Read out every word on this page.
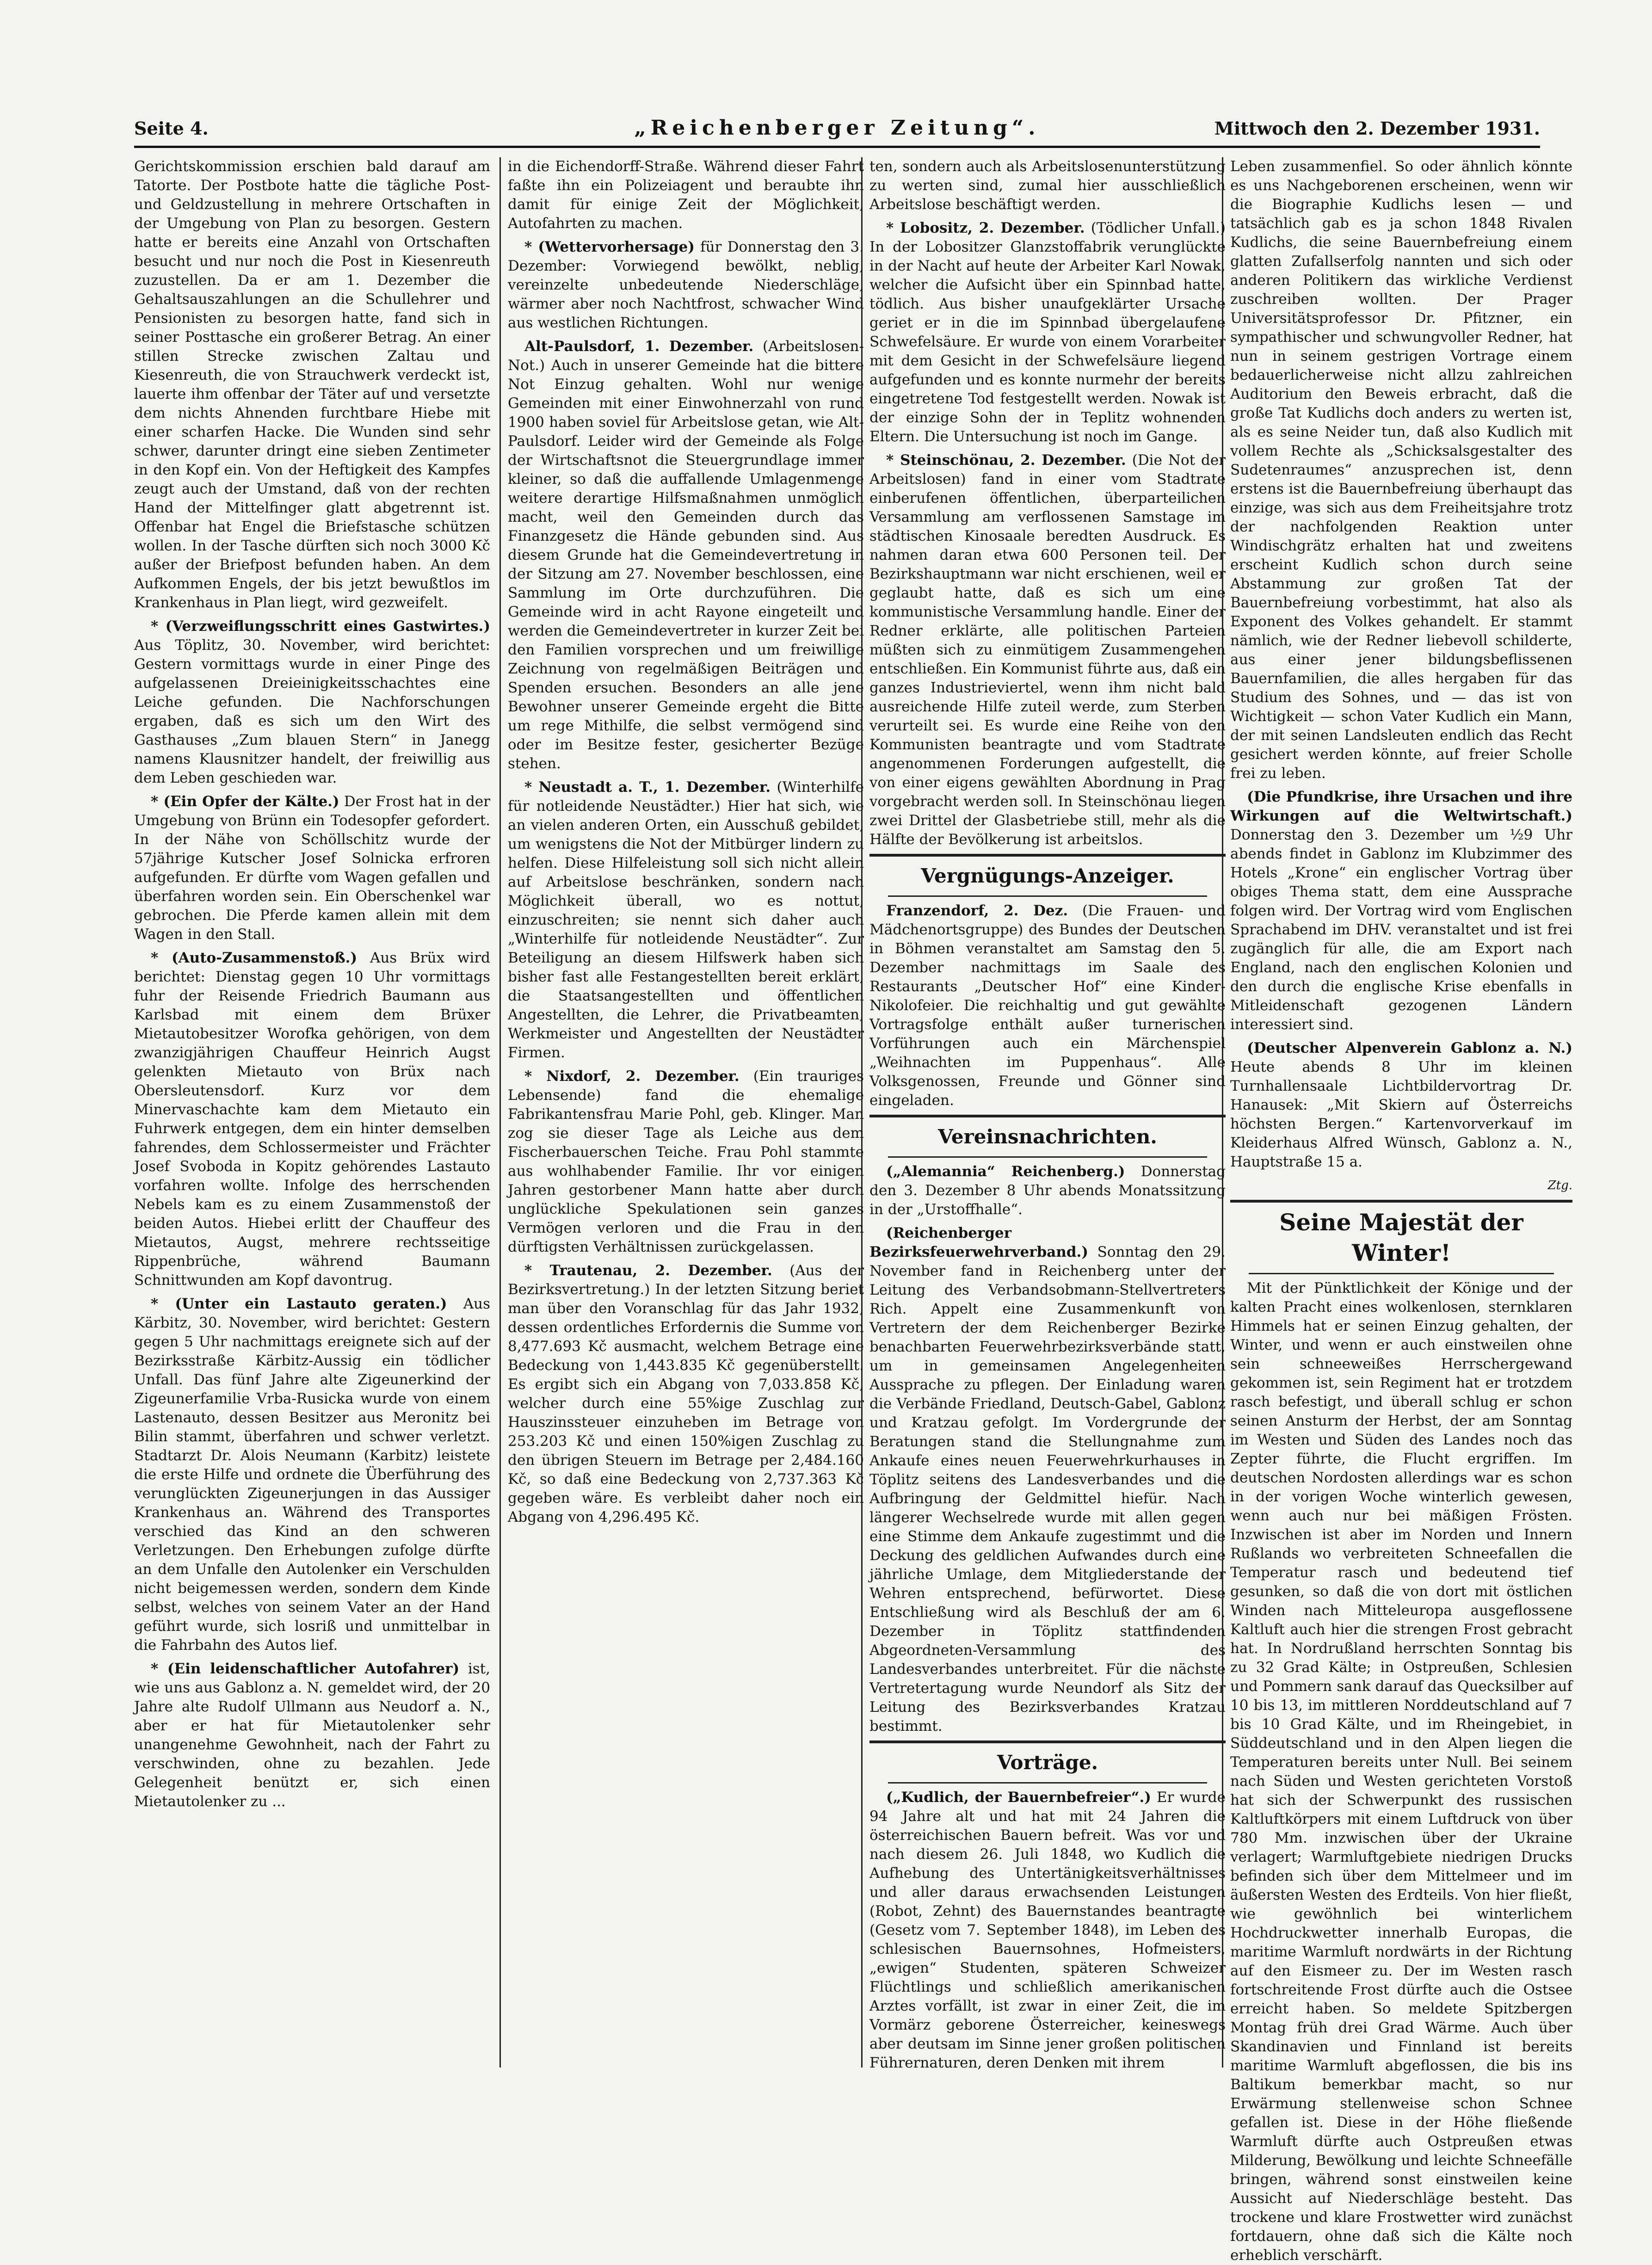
Seite 4.	„Reichenberger Zeitung“.	Mittwoch den 2. Dezember 1931.

Gerichtskommission erschien bald darauf am Tatorte. Der Postbote hatte die tägliche Post- und Geldzustellung in mehrere Ortschaften in der Umgebung von Plan zu besorgen. Gestern hatte er bereits eine Anzahl von Ortschaften besucht und nur noch die Post in Kiesenreuth zuzustellen. Da er am 1. Dezember die Gehaltsauszahlungen an die Schullehrer und Pensionisten zu besorgen hatte, fand sich in seiner Posttasche ein großerer Betrag. An einer stillen Strecke zwischen Zaltau und Kiesenreuth, die von Strauchwerk verdeckt ist, lauerte ihm offenbar der Täter auf und versetzte dem nichts Ahnenden furchtbare Hiebe mit einer scharfen Hacke. Die Wunden sind sehr schwer, darunter dringt eine sieben Zentimeter in den Kopf ein. Von der Heftigkeit des Kampfes zeugt auch der Umstand, daß von der rechten Hand der Mittelfinger glatt abgetrennt ist. Offenbar hat Engel die Briefstasche schützen wollen. In der Tasche dürften sich noch 3000 Kč außer der Briefpost befunden haben. An dem Aufkommen Engels, der bis jetzt bewußtlos im Krankenhaus in Plan liegt, wird gezweifelt.

* (Verzweiflungsschritt eines Gastwirtes.) Aus Töplitz, 30. November, wird berichtet: Gestern vormittags wurde in einer Pinge des aufgelassenen Dreieinigkeitsschachtes eine Leiche gefunden. Die Nachforschungen ergaben, daß es sich um den Wirt des Gasthauses „Zum blauen Stern“ in Janegg namens Klausnitzer handelt, der freiwillig aus dem Leben geschieden war.

* (Ein Opfer der Kälte.) Der Frost hat in der Umgebung von Brünn ein Todesopfer gefordert. In der Nähe von Schöllschitz wurde der 57jährige Kutscher Josef Solnicka erfroren aufgefunden. Er dürfte vom Wagen gefallen und überfahren worden sein. Ein Oberschenkel war gebrochen. Die Pferde kamen allein mit dem Wagen in den Stall.

* (Auto-Zusammenstoß.) Aus Brüx wird berichtet: Dienstag gegen 10 Uhr vormittags fuhr der Reisende Friedrich Baumann aus Karlsbad mit einem dem Brüxer Mietautobesitzer Worofka gehörigen, von dem zwanzigjährigen Chauffeur Heinrich Augst gelenkten Mietauto von Brüx nach Obersleutensdorf. Kurz vor dem Minervaschachte kam dem Mietauto ein Fuhrwerk entgegen, dem ein hinter demselben fahrendes, dem Schlossermeister und Frächter Josef Svoboda in Kopitz gehörendes Lastauto vorfahren wollte. Infolge des herrschenden Nebels kam es zu einem Zusammenstoß der beiden Autos. Hiebei erlitt der Chauffeur des Mietautos, Augst, mehrere rechtsseitige Rippenbrüche, während Baumann Schnittwunden am Kopf davontrug.

* (Unter ein Lastauto geraten.) Aus Kärbitz, 30. November, wird berichtet: Gestern gegen 5 Uhr nachmittags ereignete sich auf der Bezirksstraße Kärbitz-Aussig ein tödlicher Unfall. Das fünf Jahre alte Zigeunerkind der Zigeunerfamilie Vrba-Rusicka wurde von einem Lastenauto, dessen Besitzer aus Meronitz bei Bilin stammt, überfahren und schwer verletzt. Stadtarzt Dr. Alois Neumann (Karbitz) leistete die erste Hilfe und ordnete die Überführung des verunglückten Zigeunerjungen in das Aussiger Krankenhaus an. Während des Transportes verschied das Kind an den schweren Verletzungen. Den Erhebungen zufolge dürfte an dem Unfalle den Autolenker ein Verschulden nicht beigemessen werden, sondern dem Kinde selbst, welches von seinem Vater an der Hand geführt wurde, sich losriß und unmittelbar in die Fahrbahn des Autos lief.

* (Ein leidenschaftlicher Autofahrer) ist, wie uns aus Gablonz a. N. gemeldet wird, der 20 Jahre alte Rudolf Ullmann aus Neudorf a. N., aber er hat für Mietautolenker sehr unangenehme Gewohnheit, nach der Fahrt zu verschwinden, ohne zu bezahlen. Jede Gelegenheit benützt er, sich einen Mietautolenker zu ...

in die Eichendorff-Straße. Während dieser Fahrt faßte ihn ein Polizeiagent und beraubte ihn damit für einige Zeit der Möglichkeit, Autofahrten zu machen.

* (Wettervorhersage) für Donnerstag den 3. Dezember: Vorwiegend bewölkt, neblig, vereinzelte unbedeutende Niederschläge, wärmer aber noch Nachtfrost, schwacher Wind aus westlichen Richtungen.

Alt-Paulsdorf, 1. Dezember. (Arbeitslosen-Not.) Auch in unserer Gemeinde hat die bittere Not Einzug gehalten. Wohl nur wenige Gemeinden mit einer Einwohnerzahl von rund 1900 haben soviel für Arbeitslose getan, wie Alt-Paulsdorf. Leider wird der Gemeinde als Folge der Wirtschaftsnot die Steuergrundlage immer kleiner, so daß die auffallende Umlagenmenge weitere derartige Hilfsmaßnahmen unmöglich macht, weil den Gemeinden durch das Finanzgesetz die Hände gebunden sind. Aus diesem Grunde hat die Gemeindevertretung in der Sitzung am 27. November beschlossen, eine Sammlung im Orte durchzuführen. Die Gemeinde wird in acht Rayone eingeteilt und werden die Gemeindevertreter in kurzer Zeit bei den Familien vorsprechen und um freiwillige Zeichnung von regelmäßigen Beiträgen und Spenden ersuchen. Besonders an alle jene Bewohner unserer Gemeinde ergeht die Bitte um rege Mithilfe, die selbst vermögend sind oder im Besitze fester, gesicherter Bezüge stehen.

* Neustadt a. T., 1. Dezember. (Winterhilfe für notleidende Neustädter.) Hier hat sich, wie an vielen anderen Orten, ein Ausschuß gebildet, um wenigstens die Not der Mitbürger lindern zu helfen. Diese Hilfeleistung soll sich nicht allein auf Arbeitslose beschränken, sondern nach Möglichkeit überall, wo es nottut, einzuschreiten; sie nennt sich daher auch „Winterhilfe für notleidende Neustädter“. Zur Beteiligung an diesem Hilfswerk haben sich bisher fast alle Festangestellten bereit erklärt, die Staatsangestellten und öffentlichen Angestellten, die Lehrer, die Privatbeamten, Werkmeister und Angestellten der Neustädter Firmen.

* Nixdorf, 2. Dezember. (Ein trauriges Lebensende) fand die ehemalige Fabrikantensfrau Marie Pohl, geb. Klinger. Man zog sie dieser Tage als Leiche aus dem Fischerbauerschen Teiche. Frau Pohl stammte aus wohlhabender Familie. Ihr vor einigen Jahren gestorbener Mann hatte aber durch unglückliche Spekulationen sein ganzes Vermögen verloren und die Frau in den dürftigsten Verhältnissen zurückgelassen.

* Trautenau, 2. Dezember. (Aus der Bezirksvertretung.) In der letzten Sitzung beriet man über den Voranschlag für das Jahr 1932, dessen ordentliches Erfordernis die Summe von 8,477.693 Kč ausmacht, welchem Betrage eine Bedeckung von 1,443.835 Kč gegenüberstellt. Es ergibt sich ein Abgang von 7,033.858 Kč, welcher durch eine 55%ige Zuschlag zur Hauszinssteuer einzuheben im Betrage von 253.203 Kč und einen 150%igen Zuschlag zu den übrigen Steuern im Betrage per 2,484.160 Kč, so daß eine Bedeckung von 2,737.363 Kč gegeben wäre. Es verbleibt daher noch ein Abgang von 4,296.495 Kč.

ten, sondern auch als Arbeitslosenunterstützung zu werten sind, zumal hier ausschließlich Arbeitslose beschäftigt werden.

* Lobositz, 2. Dezember. (Tödlicher Unfall.) In der Lobositzer Glanzstoffabrik verunglückte in der Nacht auf heute der Arbeiter Karl Nowak, welcher die Aufsicht über ein Spinnbad hatte, tödlich. Aus bisher unaufgeklärter Ursache geriet er in die im Spinnbad übergelaufene Schwefelsäure. Er wurde von einem Vorarbeiter mit dem Gesicht in der Schwefelsäure liegend aufgefunden und es konnte nurmehr der bereits eingetretene Tod festgestellt werden. Nowak ist der einzige Sohn der in Teplitz wohnenden Eltern. Die Untersuchung ist noch im Gange.

* Steinschönau, 2. Dezember. (Die Not der Arbeitslosen) fand in einer vom Stadtrate einberufenen öffentlichen, überparteilichen Versammlung am verflossenen Samstage im städtischen Kinosaale beredten Ausdruck. Es nahmen daran etwa 600 Personen teil. Der Bezirkshauptmann war nicht erschienen, weil er geglaubt hatte, daß es sich um eine kommunistische Versammlung handle. Einer der Redner erklärte, alle politischen Parteien müßten sich zu einmütigem Zusammengehen entschließen. Ein Kommunist führte aus, daß ein ganzes Industrieviertel, wenn ihm nicht bald ausreichende Hilfe zuteil werde, zum Sterben verurteilt sei. Es wurde eine Reihe von den Kommunisten beantragte und vom Stadtrate angenommenen Forderungen aufgestellt, die von einer eigens gewählten Abordnung in Prag vorgebracht werden soll. In Steinschönau liegen zwei Drittel der Glasbetriebe still, mehr als die Hälfte der Bevölkerung ist arbeitslos.

Vergnügungs-Anzeiger.

Franzendorf, 2. Dez. (Die Frauen- und Mädchenortsgruppe) des Bundes der Deutschen in Böhmen veranstaltet am Samstag den 5. Dezember nachmittags im Saale des Restaurants „Deutscher Hof“ eine Kinder-Nikolofeier. Die reichhaltig und gut gewählte Vortragsfolge enthält außer turnerischen Vorführungen auch ein Märchenspiel „Weihnachten im Puppenhaus“. Alle Volksgenossen, Freunde und Gönner sind eingeladen.

Vereinsnachrichten.

(„Alemannia“ Reichenberg.) Donnerstag den 3. Dezember 8 Uhr abends Monatssitzung in der „Urstoffhalle“.

(Reichenberger Bezirksfeuerwehrverband.) Sonntag den 29. November fand in Reichenberg unter der Leitung des Verbandsobmann-Stellvertreters Rich. Appelt eine Zusammenkunft von Vertretern der dem Reichenberger Bezirke benachbarten Feuerwehrbezirksverbände statt, um in gemeinsamen Angelegenheiten Aussprache zu pflegen. Der Einladung waren die Verbände Friedland, Deutsch-Gabel, Gablonz und Kratzau gefolgt. Im Vordergrunde der Beratungen stand die Stellungnahme zum Ankaufe eines neuen Feuerwehrkurhauses in Töplitz seitens des Landesverbandes und die Aufbringung der Geldmittel hiefür. Nach längerer Wechselrede wurde mit allen gegen eine Stimme dem Ankaufe zugestimmt und die Deckung des geldlichen Aufwandes durch eine jährliche Umlage, dem Mitgliederstande der Wehren entsprechend, befürwortet. Diese Entschließung wird als Beschluß der am 6. Dezember in Töplitz stattfindenden Abgeordneten-Versammlung des Landesverbandes unterbreitet. Für die nächste Vertretertagung wurde Neundorf als Sitz der Leitung des Bezirksverbandes Kratzau bestimmt.

Vorträge.

(„Kudlich, der Bauernbefreier“.) Er wurde 94 Jahre alt und hat mit 24 Jahren die österreichischen Bauern befreit. Was vor und nach diesem 26. Juli 1848, wo Kudlich die Aufhebung des Untertänigkeitsverhältnisses und aller daraus erwachsenden Leistungen (Robot, Zehnt) des Bauernstandes beantragte (Gesetz vom 7. September 1848), im Leben des schlesischen Bauernsohnes, Hofmeisters, „ewigen“ Studenten, späteren Schweizer Flüchtlings und schließlich amerikanischen Arztes vorfällt, ist zwar in einer Zeit, die im Vormärz geborene Österreicher, keineswegs aber deutsam im Sinne jener großen politischen Führernaturen, deren Denken mit ihrem

Leben zusammenfiel. So oder ähnlich könnte es uns Nachgeborenen erscheinen, wenn wir die Biographie Kudlichs lesen — und tatsächlich gab es ja schon 1848 Rivalen Kudlichs, die seine Bauernbefreiung einem glatten Zufallserfolg nannten und sich oder anderen Politikern das wirkliche Verdienst zuschreiben wollten. Der Prager Universitätsprofessor Dr. Pfitzner, ein sympathischer und schwungvoller Redner, hat nun in seinem gestrigen Vortrage einem bedauerlicherweise nicht allzu zahlreichen Auditorium den Beweis erbracht, daß die große Tat Kudlichs doch anders zu werten ist, als es seine Neider tun, daß also Kudlich mit vollem Rechte als „Schicksalsgestalter des Sudetenraumes“ anzusprechen ist, denn erstens ist die Bauernbefreiung überhaupt das einzige, was sich aus dem Freiheitsjahre trotz der nachfolgenden Reaktion unter Windischgrätz erhalten hat und zweitens erscheint Kudlich schon durch seine Abstammung zur großen Tat der Bauernbefreiung vorbestimmt, hat also als Exponent des Volkes gehandelt. Er stammt nämlich, wie der Redner liebevoll schilderte, aus einer jener bildungsbeflissenen Bauernfamilien, die alles hergaben für das Studium des Sohnes, und — das ist von Wichtigkeit — schon Vater Kudlich ein Mann, der mit seinen Landsleuten endlich das Recht gesichert werden könnte, auf freier Scholle frei zu leben.

(Die Pfundkrise, ihre Ursachen und ihre Wirkungen auf die Weltwirtschaft.) Donnerstag den 3. Dezember um ½9 Uhr abends findet in Gablonz im Klubzimmer des Hotels „Krone“ ein englischer Vortrag über obiges Thema statt, dem eine Aussprache folgen wird. Der Vortrag wird vom Englischen Sprachabend im DHV. veranstaltet und ist frei zugänglich für alle, die am Export nach England, nach den englischen Kolonien und den durch die englische Krise ebenfalls in Mitleidenschaft gezogenen Ländern interessiert sind.

(Deutscher Alpenverein Gablonz a. N.) Heute abends 8 Uhr im kleinen Turnhallensaale Lichtbildervortrag Dr. Hanausek: „Mit Skiern auf Österreichs höchsten Bergen.“ Kartenvorverkauf im Kleiderhaus Alfred Wünsch, Gablonz a. N., Hauptstraße 15 a.

Ztg.
Seine Majestät der Winter!

Mit der Pünktlichkeit der Könige und der kalten Pracht eines wolkenlosen, sternklaren Himmels hat er seinen Einzug gehalten, der Winter, und wenn er auch einstweilen ohne sein schneeweißes Herrschergewand gekommen ist, sein Regiment hat er trotzdem rasch befestigt, und überall schlug er schon seinen Ansturm der Herbst, der am Sonntag im Westen und Süden des Landes noch das Zepter führte, die Flucht ergriffen. Im deutschen Nordosten allerdings war es schon in der vorigen Woche winterlich gewesen, wenn auch nur bei mäßigen Frösten. Inzwischen ist aber im Norden und Innern Rußlands wo verbreiteten Schneefallen die Temperatur rasch und bedeutend tief gesunken, so daß die von dort mit östlichen Winden nach Mitteleuropa ausgeflossene Kaltluft auch hier die strengen Frost gebracht hat. In Nordrußland herrschten Sonntag bis zu 32 Grad Kälte; in Ostpreußen, Schlesien und Pommern sank darauf das Quecksilber auf 10 bis 13, im mittleren Norddeutschland auf 7 bis 10 Grad Kälte, und im Rheingebiet, in Süddeutschland und in den Alpen liegen die Temperaturen bereits unter Null. Bei seinem nach Süden und Westen gerichteten Vorstoß hat sich der Schwerpunkt des russischen Kaltluftkörpers mit einem Luftdruck von über 780 Mm. inzwischen über der Ukraine verlagert; Warmluftgebiete niedrigen Drucks befinden sich über dem Mittelmeer und im äußersten Westen des Erdteils. Von hier fließt, wie gewöhnlich bei winterlichem Hochdruckwetter innerhalb Europas, die maritime Warmluft nordwärts in der Richtung auf den Eismeer zu. Der im Westen rasch fortschreitende Frost dürfte auch die Ostsee erreicht haben. So meldete Spitzbergen Montag früh drei Grad Wärme. Auch über Skandinavien und Finnland ist bereits maritime Warmluft abgeflossen, die bis ins Baltikum bemerkbar macht, so nur Erwärmung stellenweise schon Schnee gefallen ist. Diese in der Höhe fließende Warmluft dürfte auch Ostpreußen etwas Milderung, Bewölkung und leichte Schneefälle bringen, während sonst einstweilen keine Aussicht auf Niederschläge besteht. Das trockene und klare Frostwetter wird zunächst fortdauern, ohne daß sich die Kälte noch erheblich verschärft.
